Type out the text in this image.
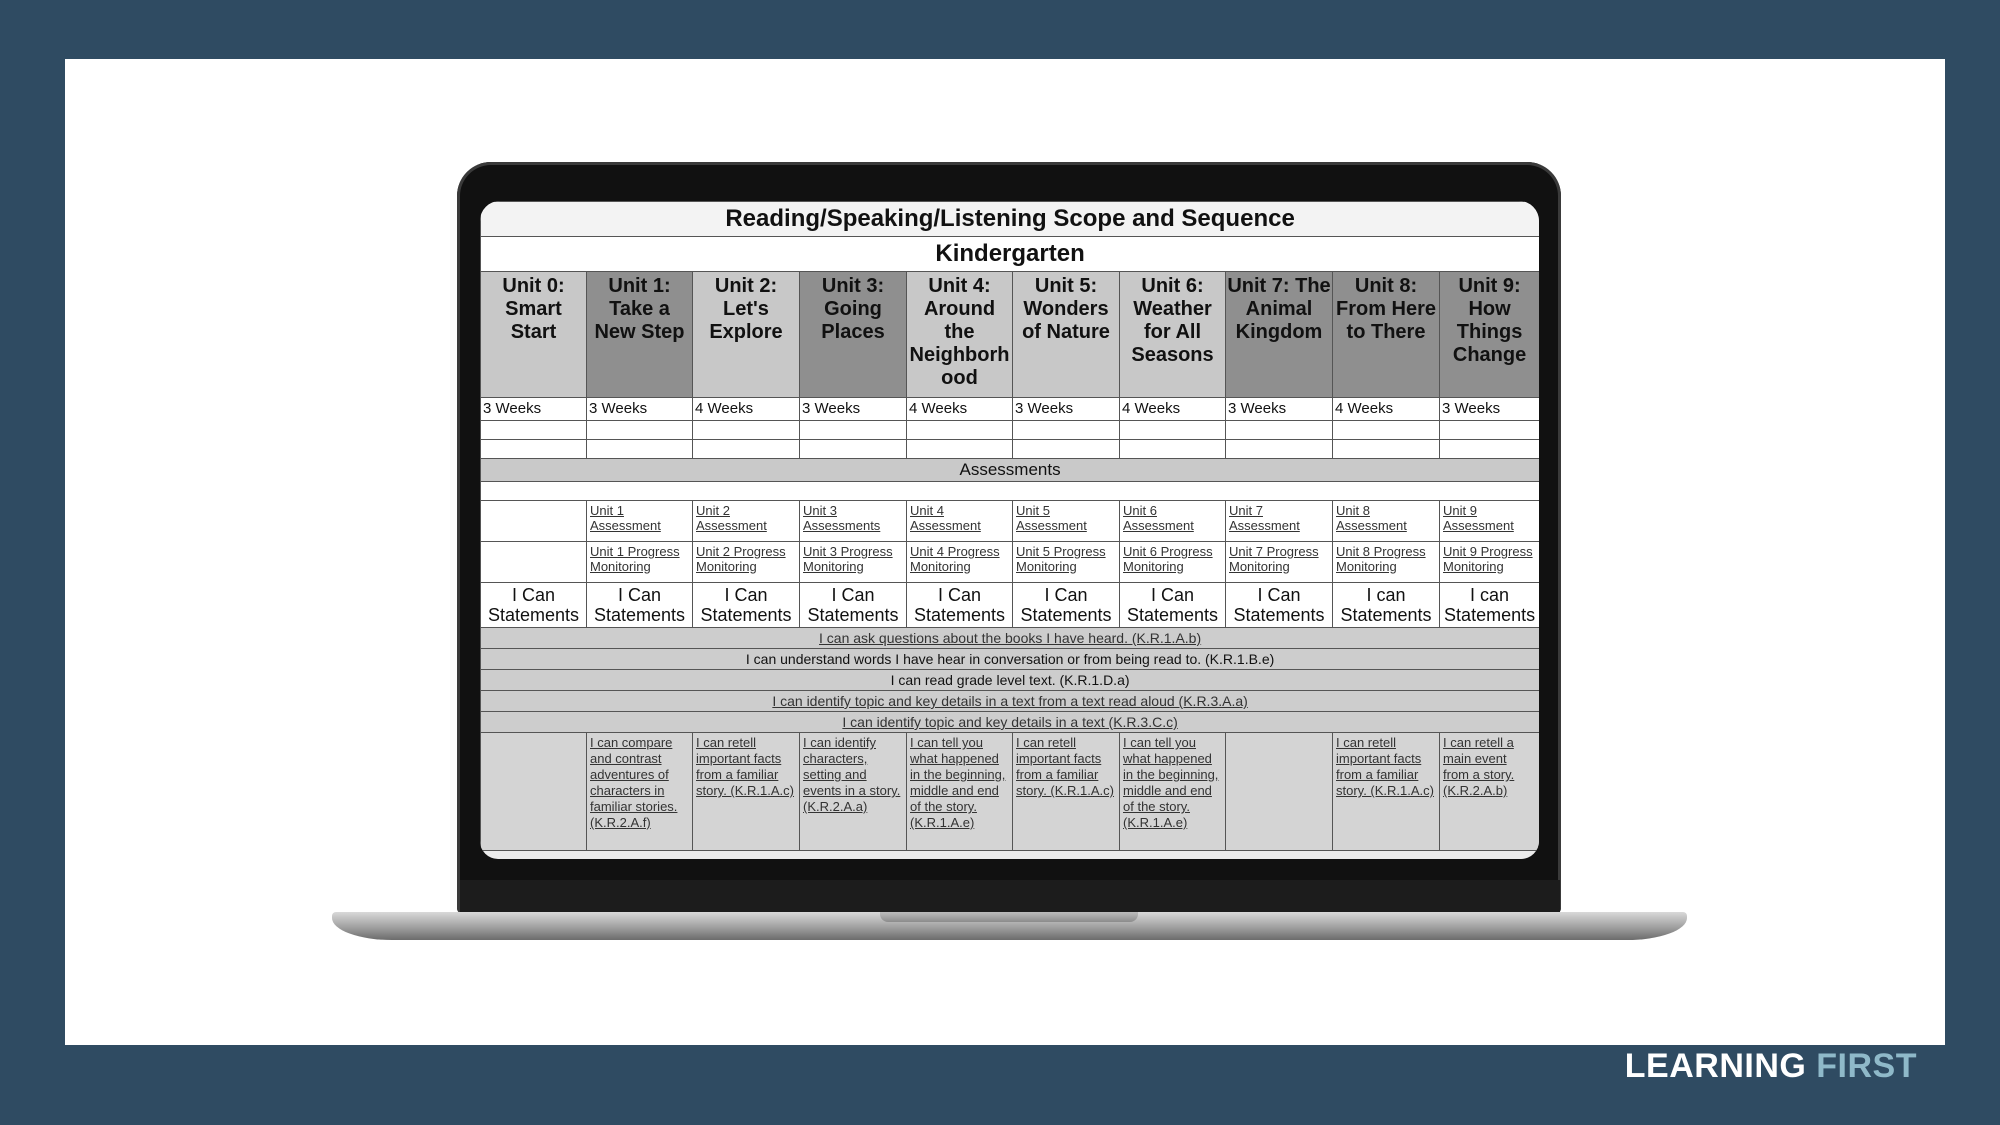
Reading/Speaking/Listening Scope and Sequence									
Kindergarten									
Unit 0: Smart Start	Unit 1: Take a New Step	Unit 2: Let's Explore	Unit 3: Going Places	Unit 4: Around the Neighborh ood	Unit 5: Wonders of Nature	Unit 6: Weather for All Seasons	Unit 7: The Animal Kingdom	Unit 8: From Here to There	Unit 9: How Things Change
3 Weeks	3 Weeks	4 Weeks	3 Weeks	4 Weeks	3 Weeks	4 Weeks	3 Weeks	4 Weeks	3 Weeks

Assessments									

	Unit 1 Assessment	Unit 2 Assessment	Unit 3 Assessments	Unit 4 Assessment	Unit 5 Assessment	Unit 6 Assessment	Unit 7 Assessment	Unit 8 Assessment	Unit 9 Assessment
	Unit 1 Progress Monitoring	Unit 2 Progress Monitoring	Unit 3 Progress Monitoring	Unit 4 Progress Monitoring	Unit 5 Progress Monitoring	Unit 6 Progress Monitoring	Unit 7 Progress Monitoring	Unit 8 Progress Monitoring	Unit 9 Progress Monitoring
I Can Statements	I Can Statements	I Can Statements	I Can Statements	I Can Statements	I Can Statements	I Can Statements	I Can Statements	I can Statements	I can Statements
I can ask questions about the books I have heard. (K.R.1.A.b)									
I can understand words I have hear in conversation or from being read to. (K.R.1.B.e)									
I can read grade level text. (K.R.1.D.a)									
I can identify topic and key details in a text from a text read aloud (K.R.3.A.a)									
I can identify topic and key details in a text (K.R.3.C.c)									
	I can compare and contrast adventures of characters in familiar stories. (K.R.2.A.f)	I can retell important facts from a familiar story. (K.R.1.A.c)	I can identify characters, setting and events in a story. (K.R.2.A.a)	I can tell you what happened in the beginning, middle and end of the story. (K.R.1.A.e)	I can retell important facts from a familiar story. (K.R.1.A.c)	I can tell you what happened in the beginning, middle and end of the story. (K.R.1.A.e)		I can retell important facts from a familiar story. (K.R.1.A.c)	I can retell a main event from a story. (K.R.2.A.b)
LEARNING FIRST
